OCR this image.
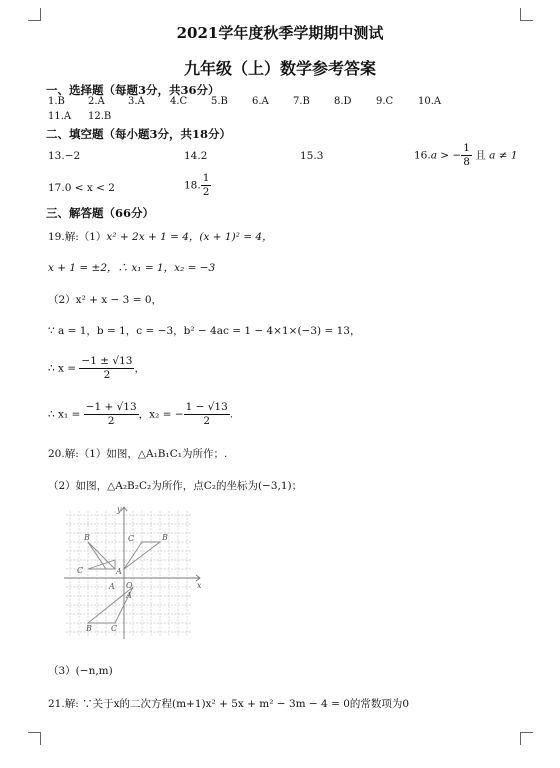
2021学年度秋季学期期中测试
九年级（上）数学参考答案
一、选择题（每题3分，共36分）
1.B 2.A 3.A	4.C 5.B 6.A 7.B 8.D 9.C 10.A
11.A 12.B
二、填空题（每小题3分，共18分）
13.−2	14.2	15.3	16.a > − $\frac{1}{8}$ 且 a ≠ 1
17.0 < x < 2	18. $\frac{1}{2}$
三、解答题（66分）
19.解:（1）x² + 2x + 1 = 4，(x + 1)² = 4，
x + 1 = ±2，∴ x₁ = 1，x₂ = −3
（2）x² + x − 3 = 0，
∵ a = 1，b = 1，c = −3，b² − 4ac = 1 − 4×1×(−3) = 13，
∴ $x = \frac{-1 \pm √13}{2}$ ，
∴ $x_1 = \frac{-1 + √13}{2}$ ，x₂ = − $\frac{1 - √13}{2}$ .
20.解:（1）如图，△A₁B₁C₁为所作；.
（2）如图，△A₂B₂C₂为所作，点C₂的坐标为(−3,1)；
x
y
O
B	C	B
C	A
A
A
B C
（3）(−n,m)
21.解: ∵关于x的二次方程(m+1)x² + 5x + m² − 3m − 4 = 0的常数项为0
